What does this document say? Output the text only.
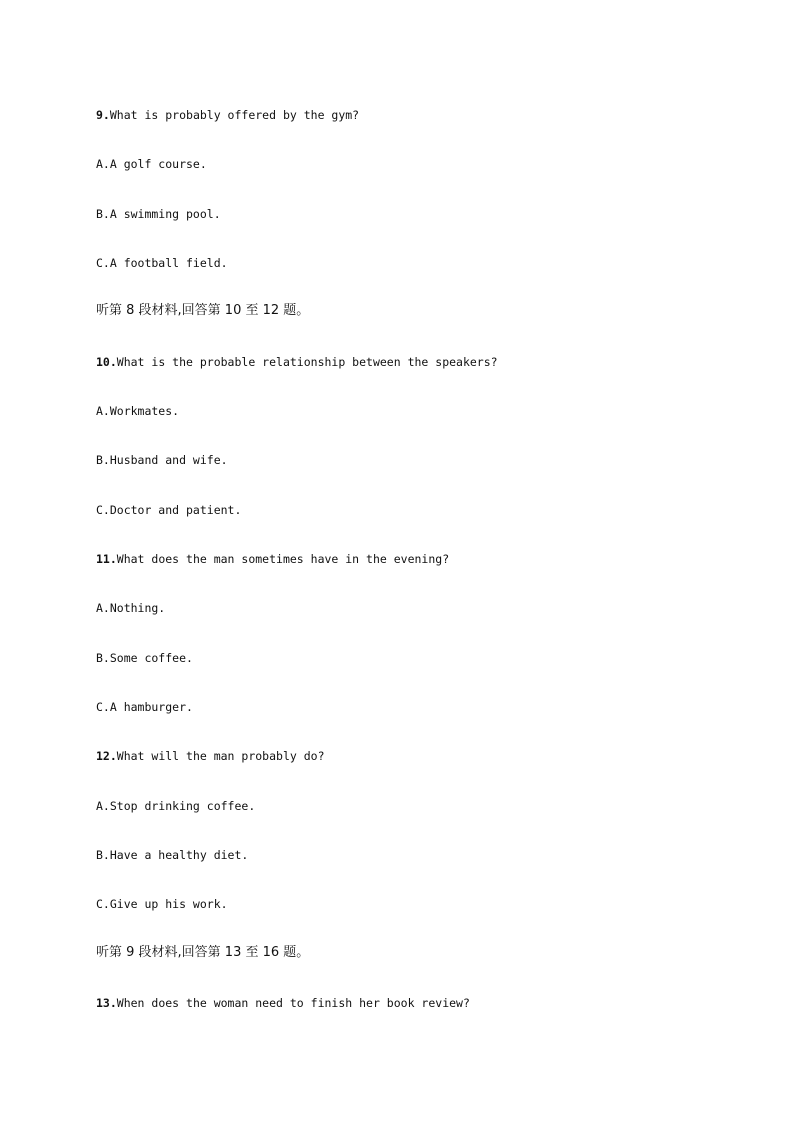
9.What is probably offered by the gym?
A.A golf course.
B.A swimming pool.
C.A football field.
听第 8 段材料,回答第 10 至 12 题。
10.What is the probable relationship between the speakers?
A.Workmates.
B.Husband and wife.
C.Doctor and patient.
11.What does the man sometimes have in the evening?
A.Nothing.
B.Some coffee.
C.A hamburger.
12.What will the man probably do?
A.Stop drinking coffee.
B.Have a healthy diet.
C.Give up his work.
听第 9 段材料,回答第 13 至 16 题。
13.When does the woman need to finish her book review?
